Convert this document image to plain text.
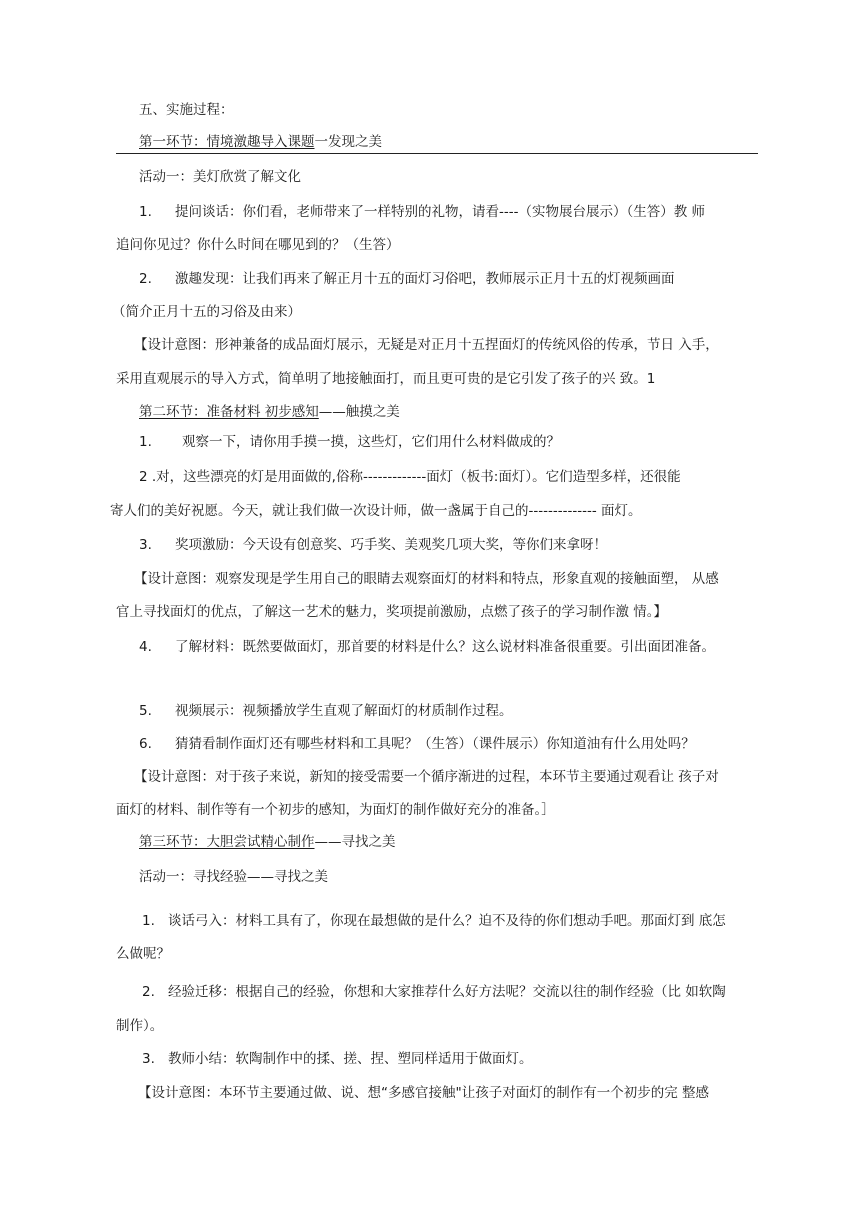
五、实施过程：
第一环节：情境激趣导入课题一发现之美
活动一：美灯欣赏了解文化
1. 提问谈话：你们看，老师带来了一样特别的礼物，请看----（实物展台展示）（生答）教 师
追问你见过？你什么时间在哪见到的？（生答）
2. 激趣发现：让我们再来了解正月十五的面灯习俗吧，教师展示正月十五的灯视频画面
（简介正月十五的习俗及由来）
【设计意图：形神兼备的成品面灯展示，无疑是对正月十五捏面灯的传统风俗的传承，节日 入手，
采用直观展示的导入方式，简单明了地接触面打，而且更可贵的是它引发了孩子的兴 致。1
第二环节：准备材料 初步感知——触摸之美
1. 观察一下，请你用手摸一摸，这些灯，它们用什么材料做成的？
2 .对，这些漂亮的灯是用面做的,俗称-------------面灯（板书:面灯）。它们造型多样，还很能
寄人们的美好祝愿。今天，就让我们做一次设计师，做一盏属于自己的-------------- 面灯。
3. 奖项激励：今天设有创意奖、巧手奖、美观奖几项大奖，等你们来拿呀！
【设计意图：观察发现是学生用自己的眼睛去观察面灯的材料和特点，形象直观的接触面塑， 从感
官上寻找面灯的优点，了解这一艺术的魅力，奖项提前激励，点燃了孩子的学习制作激 情。】
4. 了解材料：既然要做面灯，那首要的材料是什么？这么说材料准备很重要。引出面团准备。
5. 视频展示：视频播放学生直观了解面灯的材质制作过程。
6. 猜猜看制作面灯还有哪些材料和工具呢？（生答）（课件展示）你知道油有什么用处吗？
【设计意图：对于孩子来说，新知的接受需要一个循序渐进的过程，本环节主要通过观看让 孩子对
面灯的材料、制作等有一个初步的感知，为面灯的制作做好充分的准备。］
第三环节：大胆尝试精心制作——寻找之美
活动一：寻找经验——寻找之美
1. 谈话弓入：材料工具有了，你现在最想做的是什么？迫不及待的你们想动手吧。那面灯到 底怎
么做呢？
2. 经验迁移：根据自己的经验，你想和大家推荐什么好方法呢？交流以往的制作经验（比 如软陶
制作）。
3. 教师小结：软陶制作中的揉、搓、捏、塑同样适用于做面灯。
【设计意图：本环节主要通过做、说、想“多感官接触"让孩子对面灯的制作有一个初步的完 整感
